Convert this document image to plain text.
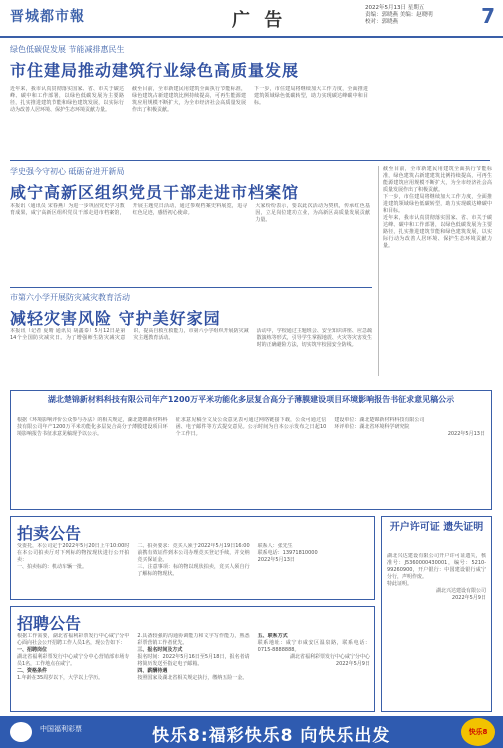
晋城都市報	广 告
2022年5月13日 星期五
责编：郭晓燕 美编：赵晓明
校对：郭晓燕	7
绿色低碳促发展 节能减排惠民生
市住建局推动建筑行业绿色高质量发展

近年来，我市认真贯彻落实国家、省、市关于碳达峰、碳中和工作部署，以绿色低碳发展为主要路径，扎实推进建筑节能和绿色建筑发展，以实际行动为改善人居环境、保护生态环境贡献力量。

截至目前，全市新建民用建筑全面执行节能标准，绿色建筑占新建建筑比例持续提高，可再生能源建筑应用规模不断扩大，为全市经济社会高质量发展作出了积极贡献。

下一步，市住建局将继续加大工作力度，全面推进建筑领域绿色低碳转型，助力实现碳达峰碳中和目标。

学史强今守初心 砥砺奋进开新局
咸宁高新区组织党员干部走进市档案馆

本报讯（通讯员 宋春燕）为进一步巩固党史学习教育成果，咸宁高新区组织党员干部走进市档案馆，开展主题党日活动，通过参观档案史料展览，追寻红色足迹，感悟初心使命。

大家纷纷表示，要以此次活动为契机，传承红色基因，立足岗位建功立业，为高新区高质量发展贡献力量。

截至目前，全市新建民用建筑全面执行节能标准，绿色建筑占新建建筑比例持续提高，可再生能源建筑应用规模不断扩大，为全市经济社会高质量发展作出了积极贡献。

下一步，市住建局将继续加大工作力度，全面推进建筑领域绿色低碳转型，助力实现碳达峰碳中和目标。

近年来，我市认真贯彻落实国家、省、市关于碳达峰、碳中和工作部署，以绿色低碳发展为主要路径，扎实推进建筑节能和绿色建筑发展，以实际行动为改善人居环境、保护生态环境贡献力量。

市第六小学开展防灾减灾教育活动
减轻灾害风险 守护美好家园

本报讯（记者 夏晴 通讯员 胡鑫泰）5月12日是第14个全国防灾减灾日。为了增强师生防灾减灾意识，提高自救互救能力，市第六小学组织开展防灾减灾主题教育活动。

活动中，学校通过主题班会、安全知识讲座、应急疏散演练等形式，引导学生掌握地震、火灾等灾害发生时的正确避险方法，切实筑牢校园安全防线。

湖北楚锦新材料科技有限公司年产1200万平米功能化多层复合高分子薄膜建设项目环境影响报告书征求意见稿公示

根据《环境影响评价公众参与办法》的相关规定，湖北楚锦新材料科技有限公司年产1200万平米功能化多层复合高分子薄膜建设项目环境影响报告书征求意见稿现予以公示。

征求意见稿全文及公众意见表可通过网络链接下载，公众可通过信函、电子邮件等方式提交意见。公示时间为自本公示发布之日起10个工作日。

建设单位：湖北楚锦新材料科技有限公司

环评单位：湖北省环境科学研究院

2022年5月13日

拍卖公告

受委托，本公司定于2022年5月20日上午10:00时在本公司拍卖厅对下列标的物按现状进行公开拍卖：

一、拍卖标的：机动车辆一批。

二、拍卖要求：竞买人须于2022年5月19日16:00前携有效证件到本公司办理竞买登记手续，并交纳竞买保证金。

三、注意事项：标的物以现状拍卖，竞买人须自行了解标的物现状。

联系人：张先生

联系电话：13971810000

2022年5月13日

开户许可证 遗失证明

湖北兴达建设有限公司开户许可证遗失，核准号：J5360000430001，编号：5210-99260900，开户银行：中国建设银行咸宁分行，声明作废。

特此证明。

湖北兴达建设有限公司

2022年5月9日

招聘公告

根据工作需要，湖北省福利彩票发行中心咸宁分中心面向社会公开招聘工作人员1名，现公告如下：

一、招聘岗位

湖北省福利彩票发行中心咸宁分中心营销部市场专员1名，工作地点在咸宁。

二、资格条件

1.年龄在35周岁以下，大学以上学历。

2.具备较强的沟通协调能力和文字写作能力，熟悉彩票营销工作者优先。

三、报名时间及方式

报名时间：2022年5月16日至5月18日，报名者请将简历发送至指定电子邮箱。

四、薪酬待遇

按照国家及湖北省相关规定执行，缴纳五险一金。

五、联系方式

联系地址：咸宁市咸安区温泉路，联系电话：0715-8888888。

湖北省福利彩票发行中心咸宁分中心

2022年5月9日

中国福利彩票	快乐8:福彩快乐8 向快乐出发	快乐8
